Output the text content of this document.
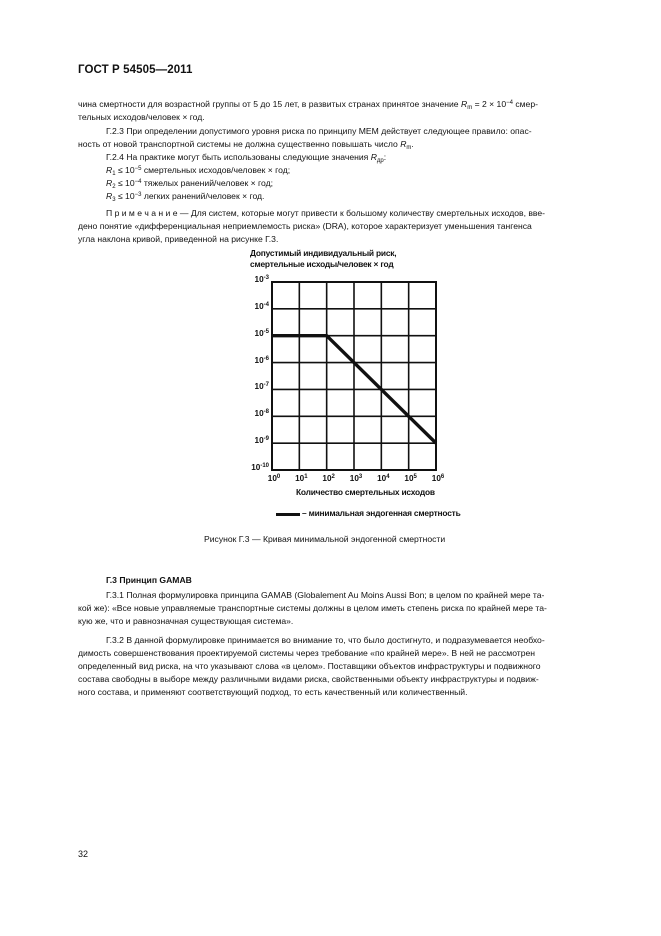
ГОСТ Р 54505—2011
чина смертности для возрастной группы от 5 до 15 лет, в развитых странах принятое значение $R_m = 2 \times 10^{-4}$ смер-
тельных исходов/человек × год.
Г.2.3 При определении допустимого уровня риска по принципу MEM действует следующее правило: опас-
ность от новой транспортной системы не должна существенно повышать число $R_m$.
Г.2.4 На практике могут быть использованы следующие значения $R_{др}$:
$R_1 \le 10^{-5}$ смертельных исходов/человек × год;
$R_2 \le 10^{-4}$ тяжелых ранений/человек × год;
$R_3 \le 10^{-3}$ легких ранений/человек × год.
П р и м е ч а н и е — Для систем, которые могут привести к большому количеству смертельных исходов, вве-
дено понятие «дифференциальная неприемлемость риска» (DRA), которое характеризует уменьшения тангенса
угла наклона кривой, приведенной на рисунке Г.3.
Допустимый индивидуальный риск,
смертельные исходы/человек × год
$10^{-3}$
$10^{-4}$
$10^{-5}$
$10^{-6}$
$10^{-7}$
$10^{-8}$
$10^{-9}$
$10^{-10}$
$10^0$	$10^1$	$10^2$	$10^3$	$10^4$	$10^5$	$10^6$
Количество смертельных исходов
– минимальная эндогенная смертность
Рисунок Г.3 — Кривая минимальной эндогенной смертности
Г.3 Принцип GAMAB
Г.3.1 Полная формулировка принципа GAMAB (Globalement Au Moins Aussi Bon; в целом по крайней мере та-
кой же): «Все новые управляемые транспортные системы должны в целом иметь степень риска по крайней мере та-
кую же, что и равнозначная существующая система».
Г.3.2 В данной формулировке принимается во внимание то, что было достигнуто, и подразумевается необхо-
димость совершенствования проектируемой системы через требование «по крайней мере». В ней не рассмотрен
определенный вид риска, на что указывают слова «в целом». Поставщики объектов инфраструктуры и подвижного
состава свободны в выборе между различными видами риска, свойственными объекту инфраструктуры и подвиж-
ного состава, и применяют соответствующий подход, то есть качественный или количественный.
32
